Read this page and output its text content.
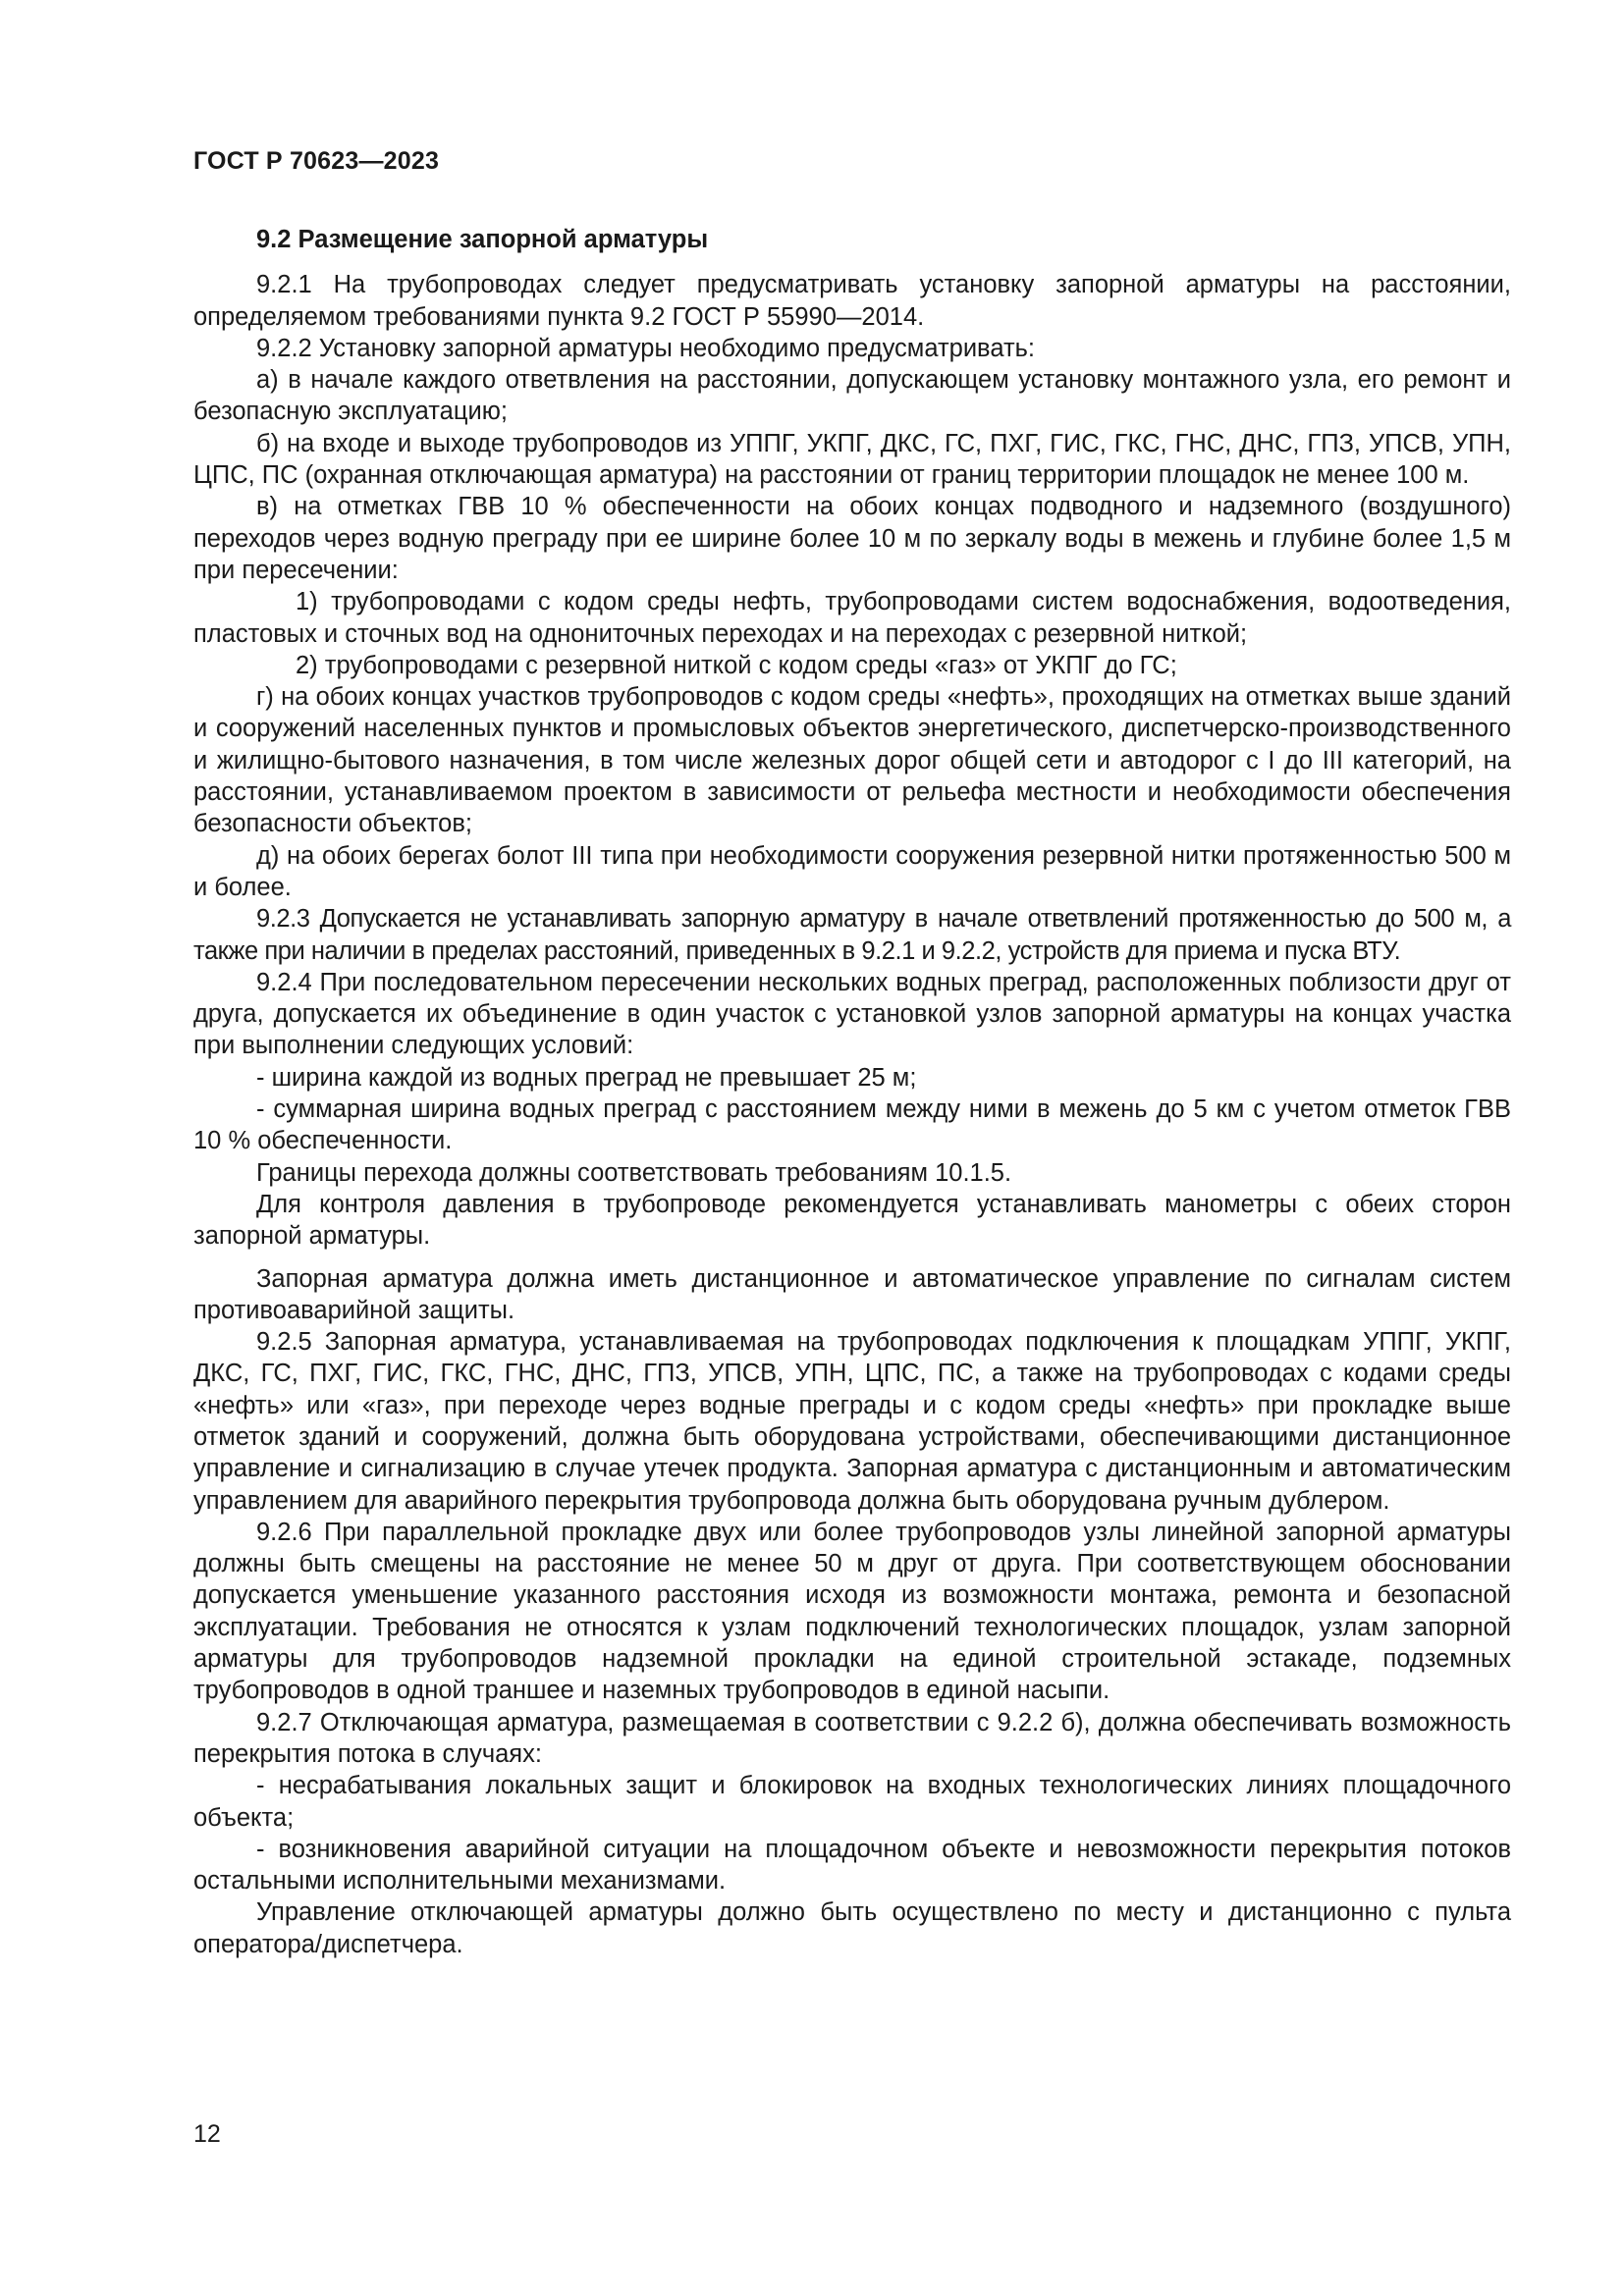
ГОСТ Р 70623—2023
9.2 Размещение запорной арматуры

9.2.1 На трубопроводах следует предусматривать установку запорной арматуры на расстоянии, определяемом требованиями пункта 9.2 ГОСТ Р 55990—2014.

9.2.2 Установку запорной арматуры необходимо предусматривать:

а) в начале каждого ответвления на расстоянии, допускающем установку монтажного узла, его ремонт и безопасную эксплуатацию;

б) на входе и выходе трубопроводов из УППГ, УКПГ, ДКС, ГС, ПХГ, ГИС, ГКС, ГНС, ДНС, ГПЗ, УПСВ, УПН, ЦПС, ПС (охранная отключающая арматура) на расстоянии от границ территории площадок не менее 100 м.

в) на отметках ГВВ 10 % обеспеченности на обоих концах подводного и надземного (воздушного) переходов через водную преграду при ее ширине более 10 м по зеркалу воды в межень и глубине более 1,5 м при пересечении:

1) трубопроводами с кодом среды нефть, трубопроводами систем водоснабжения, водоотведения, пластовых и сточных вод на однониточных переходах и на переходах с резервной ниткой;

2) трубопроводами с резервной ниткой с кодом среды «газ» от УКПГ до ГС;

г) на обоих концах участков трубопроводов с кодом среды «нефть», проходящих на отметках выше зданий и сооружений населенных пунктов и промысловых объектов энергетического, диспетчерско-производственного и жилищно-бытового назначения, в том числе железных дорог общей сети и автодорог с I до III категорий, на расстоянии, устанавливаемом проектом в зависимости от рельефа местности и необходимости обеспечения безопасности объектов;

д) на обоих берегах болот III типа при необходимости сооружения резервной нитки протяженностью 500 м и более.

9.2.3 Допускается не устанавливать запорную арматуру в начале ответвлений протяженностью до 500 м, а также при наличии в пределах расстояний, приведенных в 9.2.1 и 9.2.2, устройств для приема и пуска ВТУ.

9.2.4 При последовательном пересечении нескольких водных преград, расположенных поблизости друг от друга, допускается их объединение в один участок с установкой узлов запорной арматуры на концах участка при выполнении следующих условий:

- ширина каждой из водных преград не превышает 25 м;

- суммарная ширина водных преград с расстоянием между ними в межень до 5 км с учетом отметок ГВВ 10 % обеспеченности.

Границы перехода должны соответствовать требованиям 10.1.5.

Для контроля давления в трубопроводе рекомендуется устанавливать манометры с обеих сторон запорной арматуры.

Запорная арматура должна иметь дистанционное и автоматическое управление по сигналам систем противоаварийной защиты.

9.2.5 Запорная арматура, устанавливаемая на трубопроводах подключения к площадкам УППГ, УКПГ, ДКС, ГС, ПХГ, ГИС, ГКС, ГНС, ДНС, ГПЗ, УПСВ, УПН, ЦПС, ПС, а также на трубопроводах с кодами среды «нефть» или «газ», при переходе через водные преграды и с кодом среды «нефть» при прокладке выше отметок зданий и сооружений, должна быть оборудована устройствами, обеспечивающими дистанционное управление и сигнализацию в случае утечек продукта. Запорная арматура с дистанционным и автоматическим управлением для аварийного перекрытия трубопровода должна быть оборудована ручным дублером.

9.2.6 При параллельной прокладке двух или более трубопроводов узлы линейной запорной арматуры должны быть смещены на расстояние не менее 50 м друг от друга. При соответствующем обосновании допускается уменьшение указанного расстояния исходя из возможности монтажа, ремонта и безопасной эксплуатации. Требования не относятся к узлам подключений технологических площадок, узлам запорной арматуры для трубопроводов надземной прокладки на единой строительной эстакаде, подземных трубопроводов в одной траншее и наземных трубопроводов в единой насыпи.

9.2.7 Отключающая арматура, размещаемая в соответствии с 9.2.2 б), должна обеспечивать возможность перекрытия потока в случаях:

- несрабатывания локальных защит и блокировок на входных технологических линиях площадочного объекта;

- возникновения аварийной ситуации на площадочном объекте и невозможности перекрытия потоков остальными исполнительными механизмами.

Управление отключающей арматуры должно быть осуществлено по месту и дистанционно с пульта оператора/диспетчера.

12
